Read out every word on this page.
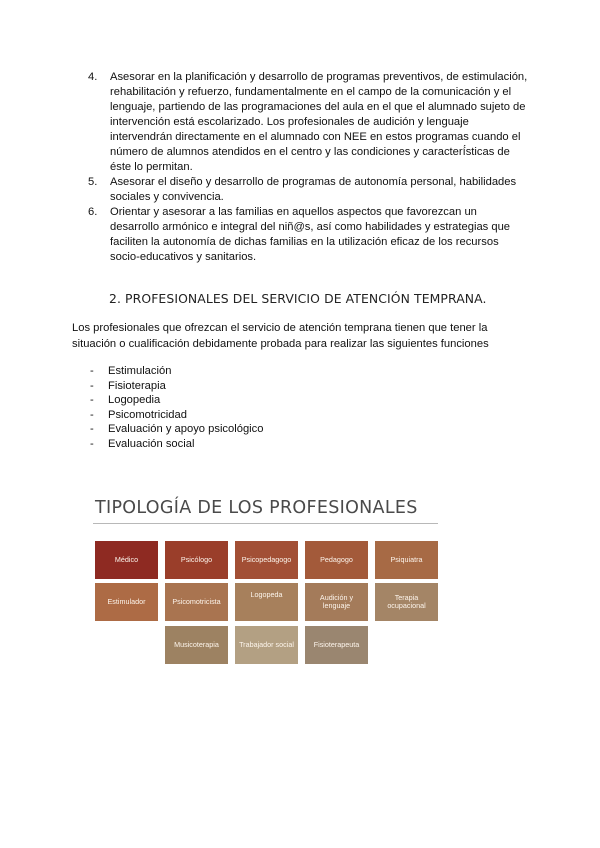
4. Asesorar en la planificación y desarrollo de programas preventivos, de estimulación, rehabilitación y refuerzo, fundamentalmente en el campo de la comunicación y el lenguaje, partiendo de las programaciones del aula en el que el alumnado sujeto de intervención está escolarizado. Los profesionales de audición y lenguaje intervendrán directamente en el alumnado con NEE en estos programas cuando el número de alumnos atendidos en el centro y las condiciones y caracterí́sticas de éste lo permitan.
5. Asesorar el diseño y desarrollo de programas de autonomía personal, habilidades sociales y convivencia.
6. Orientar y asesorar a las familias en aquellos aspectos que favorezcan un desarrollo armónico e integral del niñ@s, así como habilidades y estrategias que faciliten la autonomía de dichas familias en la utilización eficaz de los recursos socio-educativos y sanitarios.
2. PROFESIONALES DEL SERVICIO DE ATENCIÓN TEMPRANA.

Los profesionales que ofrezcan el servicio de atención temprana tienen que tener la situación o cualificación debidamente probada para realizar las siguientes funciones

- Estimulación
- Fisioterapia
- Logopedia
- Psicomotricidad
- Evaluación y apoyo psicológico
- Evaluación social
TIPOLOGÍA DE LOS PROFESIONALES
Médico	Psicólogo	Psicopedagogo	Pedagogo	Psiquiatra
Estimulador	Psicomotricista
Logopeda	Audición y lenguaje
Terapia ocupacional
Musicoterapia	Trabajador social	Fisioterapeuta
